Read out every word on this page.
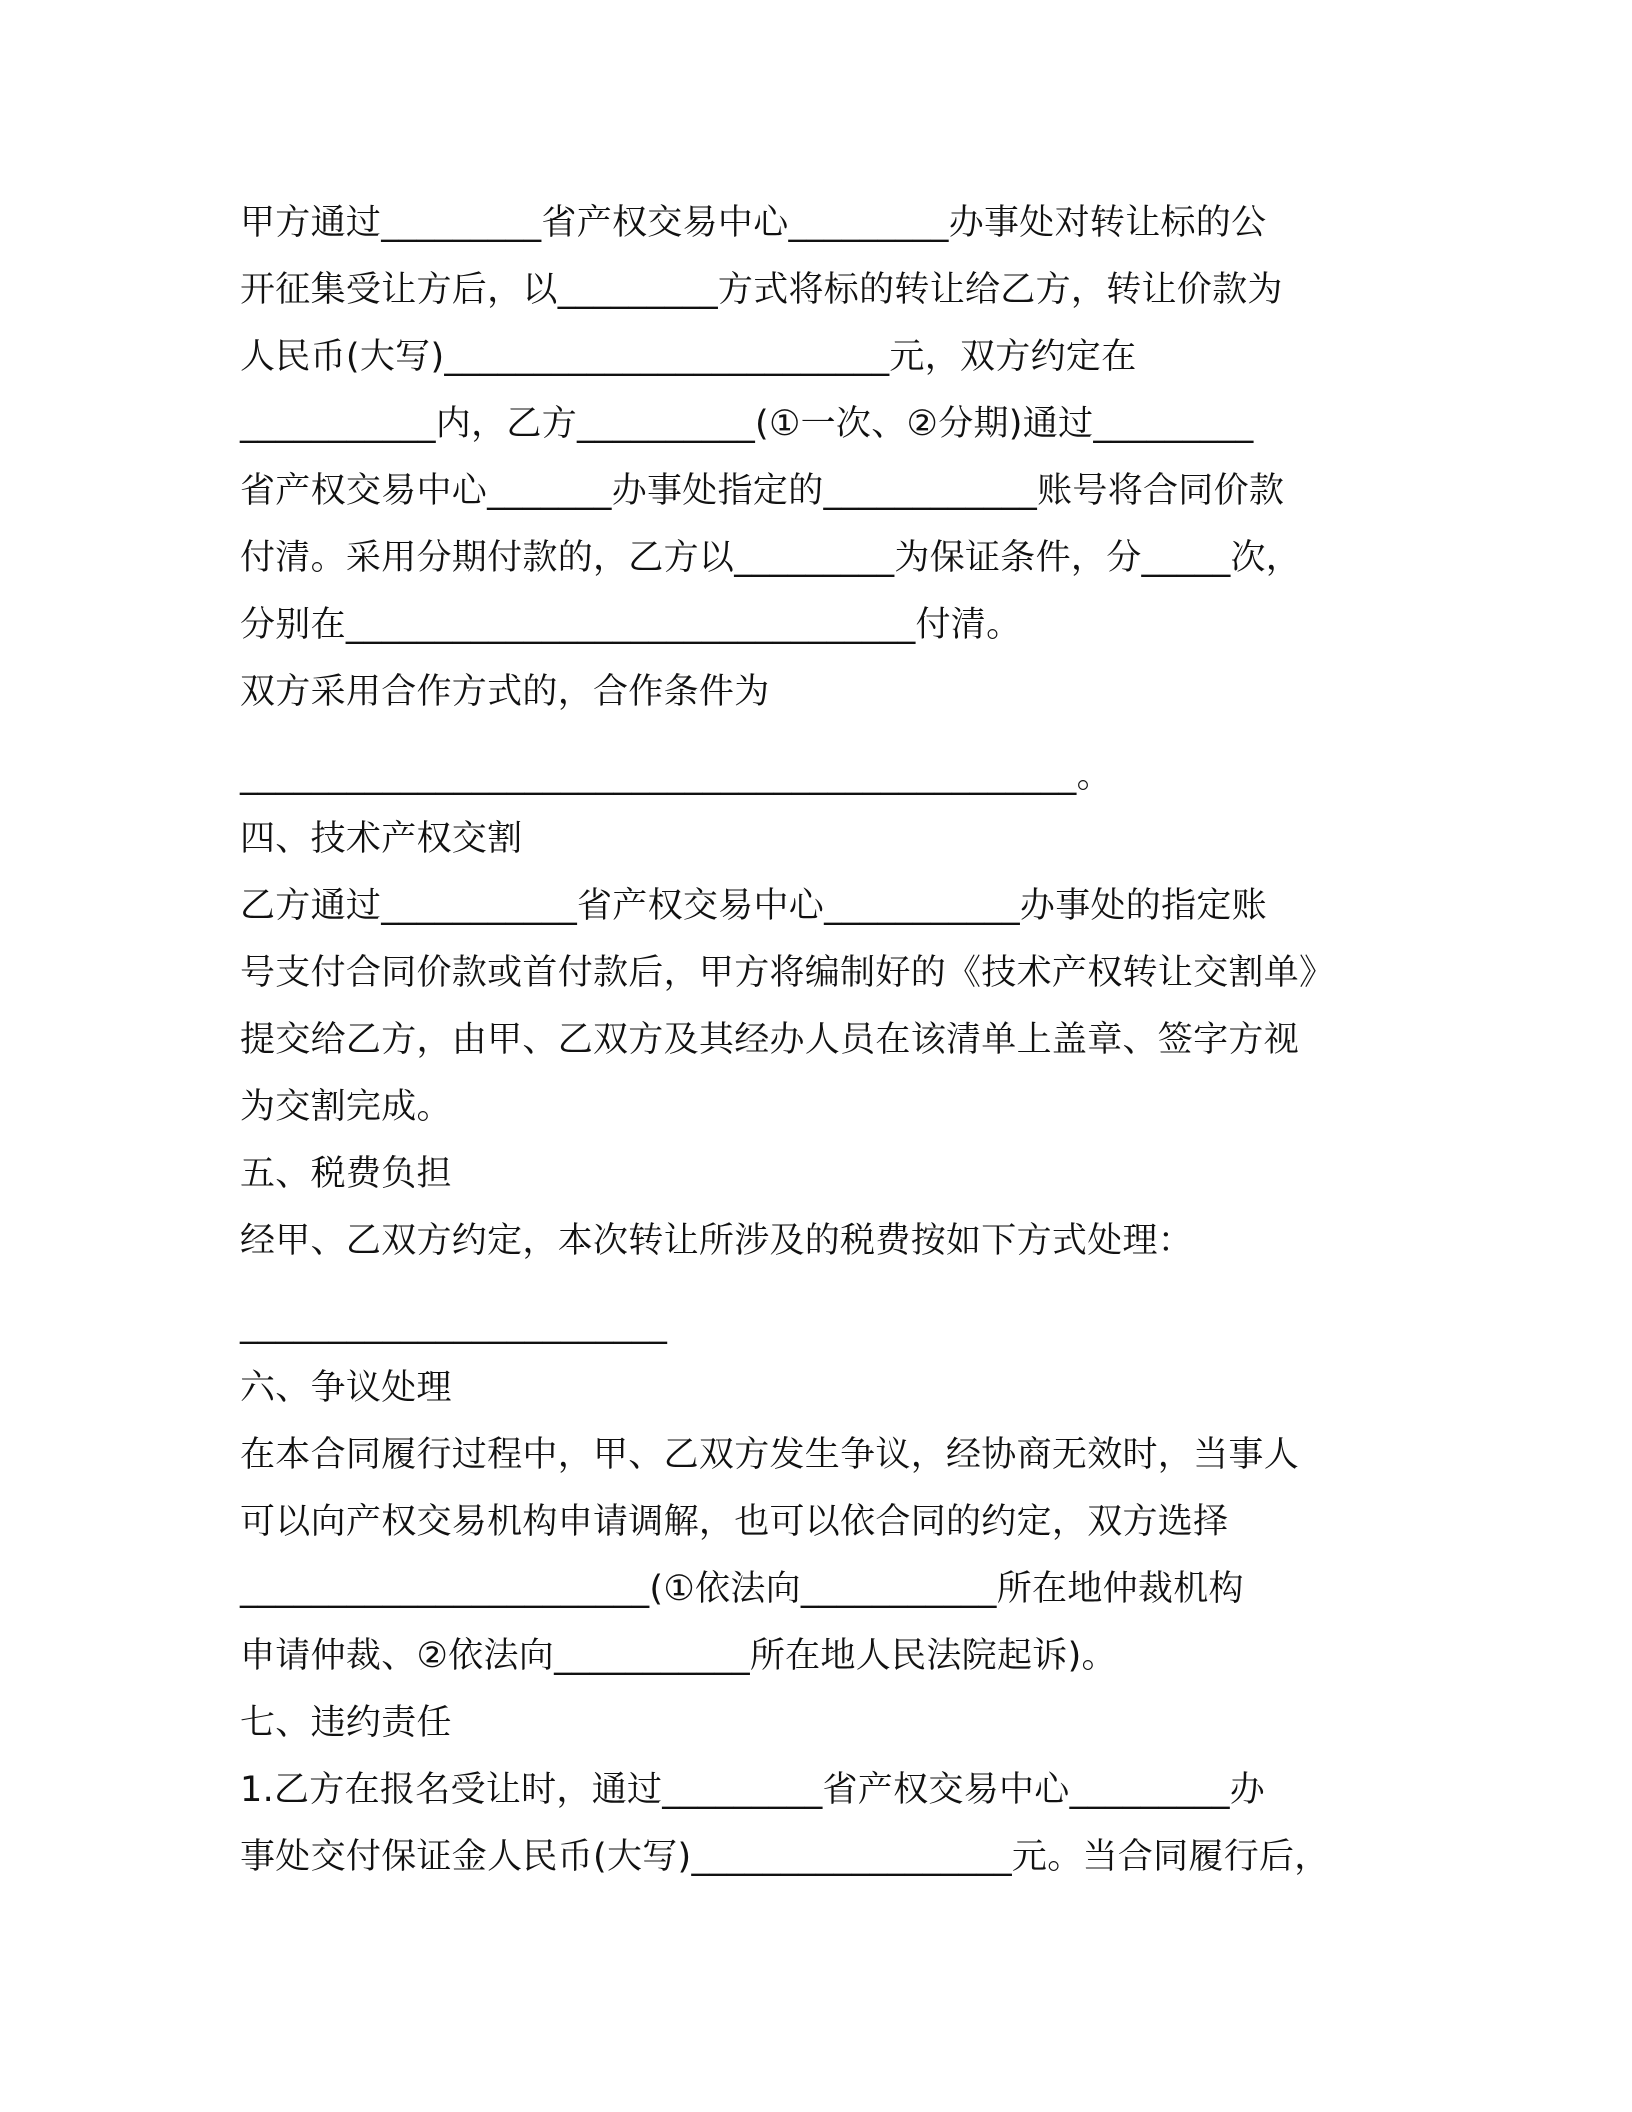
甲方通过_________省产权交易中心_________办事处对转让标的公
开征集受让方后，以_________方式将标的转让给乙方，转让价款为
人民币(大写)_________________________元，双方约定在
___________内，乙方__________(①一次、②分期)通过_________
省产权交易中心_______办事处指定的____________账号将合同价款
付清。采用分期付款的，乙方以_________为保证条件，分_____次，
分别在________________________________付清。
双方采用合作方式的，合作条件为
_______________________________________________。
四、技术产权交割
乙方通过___________省产权交易中心___________办事处的指定账
号支付合同价款或首付款后，甲方将编制好的《技术产权转让交割单》
提交给乙方，由甲、乙双方及其经办人员在该清单上盖章、签字方视
为交割完成。
五、税费负担
经甲、乙双方约定，本次转让所涉及的税费按如下方式处理：
________________________
六、争议处理
在本合同履行过程中，甲、乙双方发生争议，经协商无效时，当事人
可以向产权交易机构申请调解，也可以依合同的约定，双方选择
_______________________(①依法向___________所在地仲裁机构
申请仲裁、②依法向___________所在地人民法院起诉)。
七、违约责任
1.乙方在报名受让时，通过_________省产权交易中心_________办
事处交付保证金人民币(大写)__________________元。当合同履行后，
